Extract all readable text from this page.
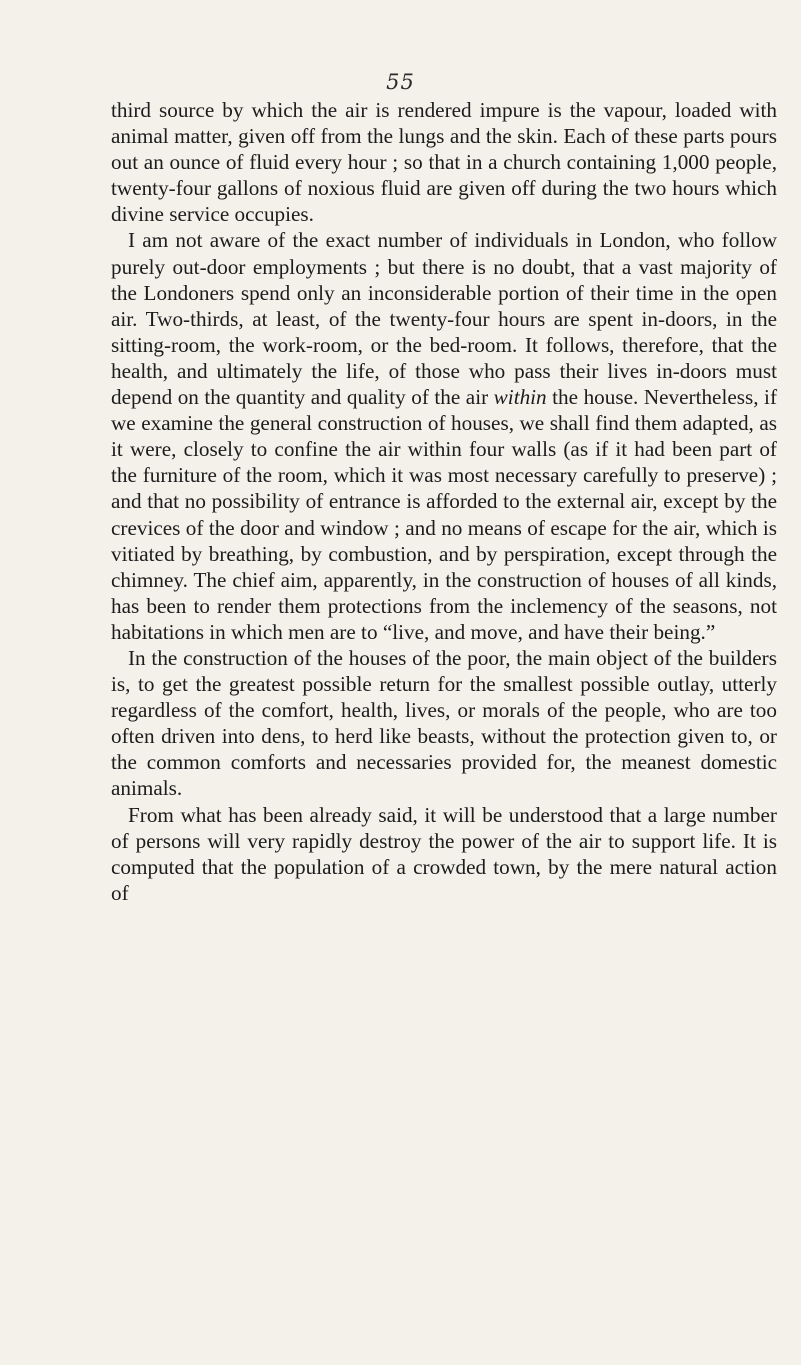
55

third source by which the air is rendered impure is the vapour, loaded with animal matter, given off from the lungs and the skin. Each of these parts pours out an ounce of fluid every hour ; so that in a church containing 1,000 people, twenty-four gallons of noxious fluid are given off during the two hours which divine service occupies.

I am not aware of the exact number of individuals in London, who follow purely out-door employments ; but there is no doubt, that a vast majority of the Londoners spend only an inconsiderable portion of their time in the open air. Two-thirds, at least, of the twenty-four hours are spent in-doors, in the sitting-room, the work-room, or the bed-room. It follows, therefore, that the health, and ultimately the life, of those who pass their lives in-doors must depend on the quantity and quality of the air within the house. Nevertheless, if we examine the general construction of houses, we shall find them adapted, as it were, closely to confine the air within four walls (as if it had been part of the furniture of the room, which it was most necessary carefully to preserve) ; and that no possibility of entrance is afforded to the external air, except by the crevices of the door and window ; and no means of escape for the air, which is vitiated by breathing, by combustion, and by perspiration, except through the chimney. The chief aim, apparently, in the construction of houses of all kinds, has been to render them protections from the inclemency of the seasons, not habitations in which men are to “live, and move, and have their being.”

In the construction of the houses of the poor, the main object of the builders is, to get the greatest possible return for the smallest possible outlay, utterly regardless of the comfort, health, lives, or morals of the people, who are too often driven into dens, to herd like beasts, without the protection given to, or the common comforts and necessaries provided for, the meanest domestic animals.

From what has been already said, it will be understood that a large number of persons will very rapidly destroy the power of the air to support life. It is computed that the population of a crowded town, by the mere natural action of
